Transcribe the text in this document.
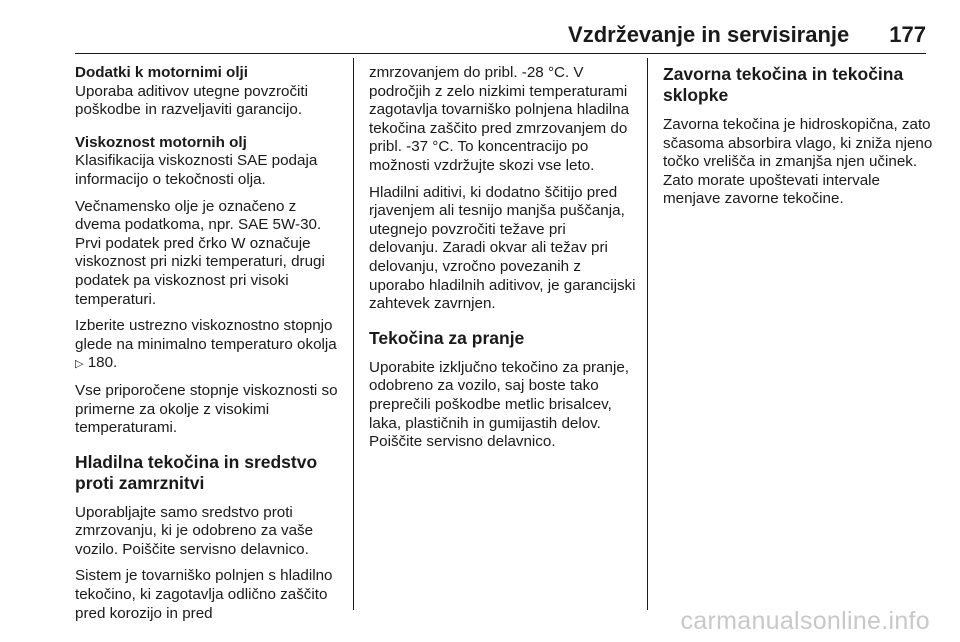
Vzdrževanje in servisiranje 177
Dodatki k motornimi olji

Uporaba aditivov utegne povzročiti poškodbe in razveljaviti garancijo.

Viskoznost motornih olj

Klasifikacija viskoznosti SAE podaja informacijo o tekočnosti olja.

Večnamensko olje je označeno z dvema podatkoma, npr. SAE 5W-30. Prvi podatek pred črko W označuje viskoznost pri nizki temperaturi, drugi podatek pa viskoznost pri visoki temperaturi.

Izberite ustrezno viskoznostno stopnjo glede na minimalno temperaturo okolja ▷ 180.

Vse priporočene stopnje viskoznosti so primerne za okolje z visokimi temperaturami.

Hladilna tekočina in sredstvo proti zamrznitvi

Uporabljajte samo sredstvo proti zmrzovanju, ki je odobreno za vaše vozilo. Poiščite servisno delavnico.

Sistem je tovarniško polnjen s hladilno tekočino, ki zagotavlja odlično zaščito pred korozijo in pred

zmrzovanjem do pribl. -28 °C. V področjih z zelo nizkimi temperaturami zagotavlja tovarniško polnjena hladilna tekočina zaščito pred zmrzovanjem do pribl. -37 °C. To koncentracijo po možnosti vzdržujte skozi vse leto.

Hladilni aditivi, ki dodatno ščitijo pred rjavenjem ali tesnijo manjša puščanja, utegnejo povzročiti težave pri delovanju. Zaradi okvar ali težav pri delovanju, vzročno povezanih z uporabo hladilnih aditivov, je garancijski zahtevek zavrnjen.

Tekočina za pranje

Uporabite izključno tekočino za pranje, odobreno za vozilo, saj boste tako preprečili poškodbe metlic brisalcev, laka, plastičnih in gumijastih delov. Poiščite servisno delavnico.

Zavorna tekočina in tekočina sklopke

Zavorna tekočina je hidroskopična, zato sčasoma absorbira vlago, ki zniža njeno točko vrelišča in zmanjša njen učinek. Zato morate upoštevati intervale menjave zavorne tekočine.

carmanualsonline.info
